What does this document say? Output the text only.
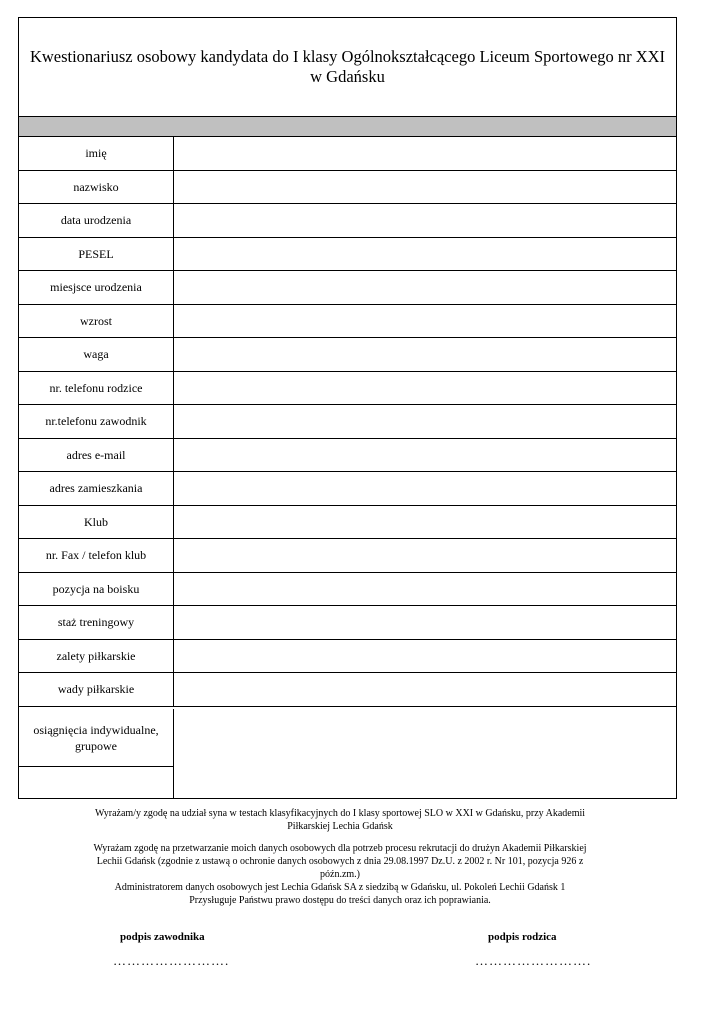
Kwestionariusz osobowy kandydata do I klasy Ogólnokształcącego Liceum Sportowego nr XXI w Gdańsku
imię
nazwisko
data urodzenia
PESEL
miesjsce urodzenia
wzrost
waga
nr. telefonu rodzice
nr.telefonu zawodnik
adres e-mail
adres zamieszkania
Klub
nr. Fax / telefon klub
pozycja na boisku
staż treningowy
zalety piłkarskie
wady piłkarskie
osiągnięcia indywidualne, grupowe
Wyrażam/y zgodę na udział syna w testach klasyfikacyjnych do I klasy sportowej SLO w XXI w Gdańsku, przy Akademii Piłkarskiej Lechia Gdańsk
Wyrażam zgodę na przetwarzanie moich danych osobowych dla potrzeb procesu rekrutacji do drużyn Akademii Piłkarskiej Lechii Gdańsk (zgodnie z ustawą o ochronie danych osobowych z dnia 29.08.1997 Dz.U. z 2002 r. Nr 101, pozycja 926 z późn.zm.)
Administratorem danych osobowych jest Lechia Gdańsk SA z siedzibą w Gdańsku, ul. Pokoleń Lechii Gdańsk 1
Przysługuje Państwu prawo dostępu do treści danych oraz ich poprawiania.
podpis zawodnika	podpis rodzica
…………………….	…………………….
